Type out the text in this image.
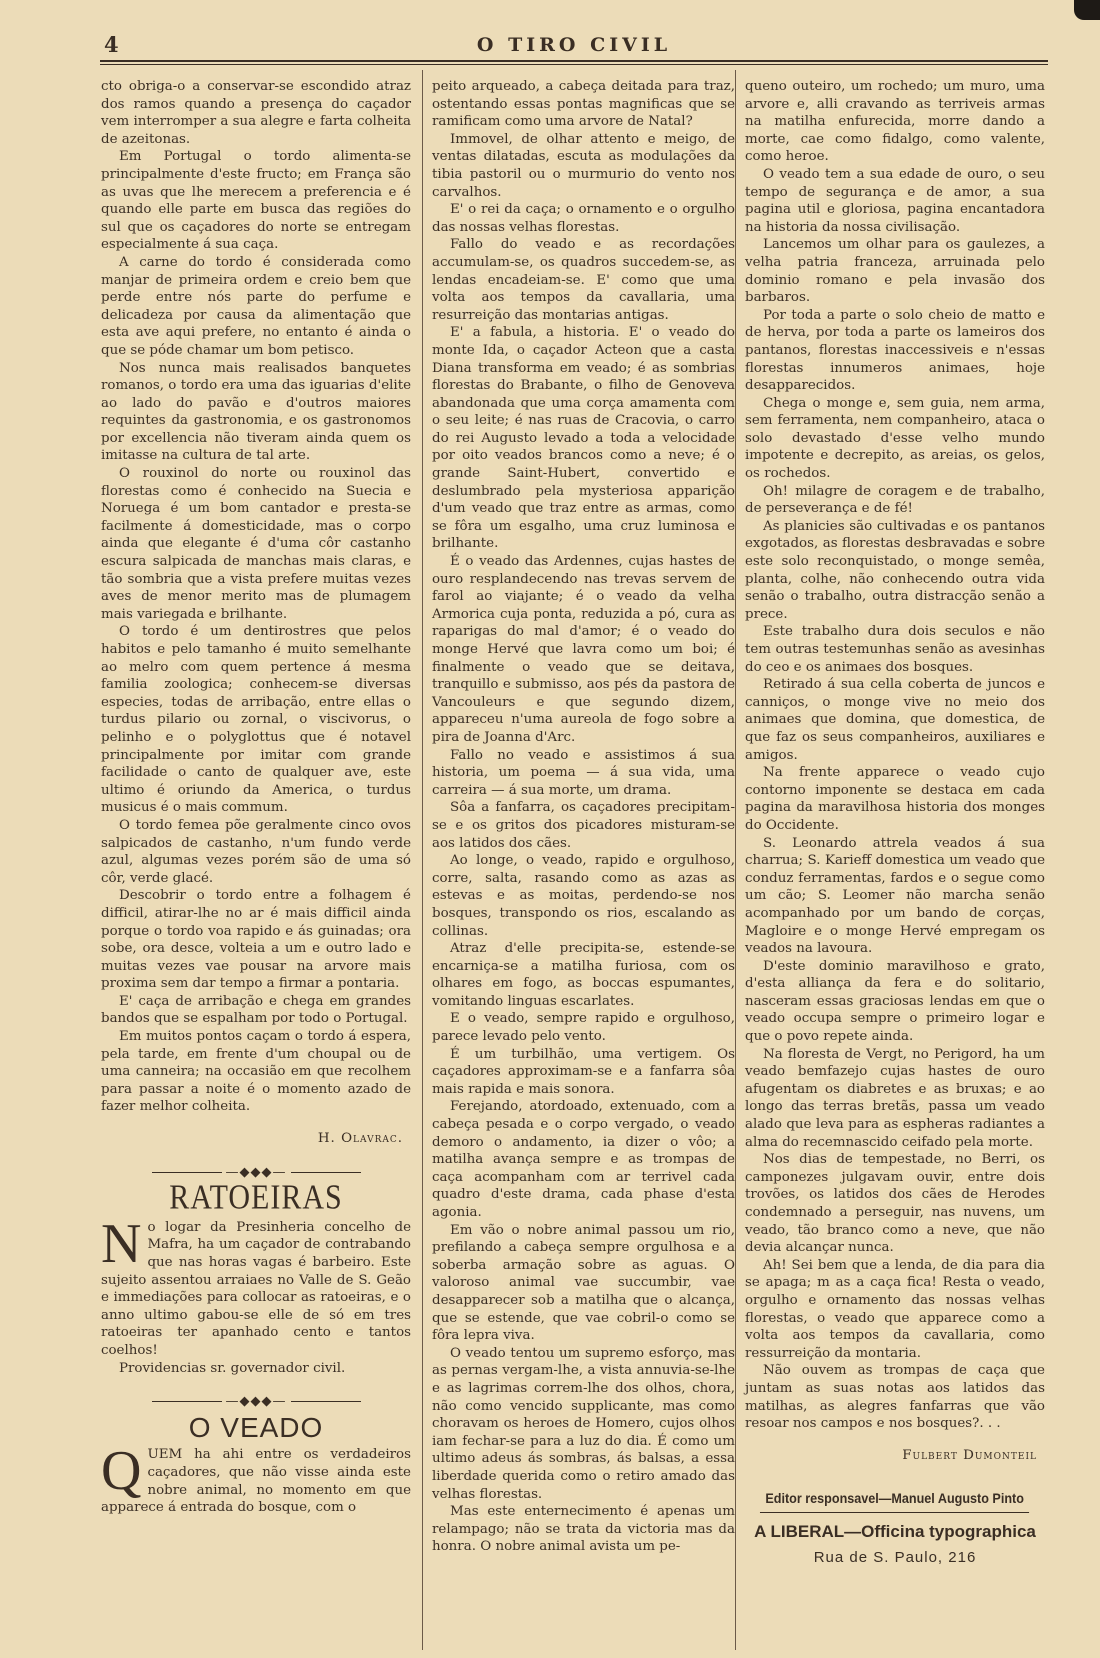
4	O TIRO CIVIL

cto obriga-o a conservar-se escondido atraz dos ramos quando a presença do caçador vem interromper a sua alegre e farta colheita de azeitonas.

Em Portugal o tordo alimenta-se principalmente d'este fructo; em França são as uvas que lhe merecem a preferencia e é quando elle parte em busca das regiões do sul que os caçadores do norte se entregam especialmente á sua caça.

A carne do tordo é considerada como manjar de primeira ordem e creio bem que perde entre nós parte do perfume e delicadeza por causa da alimentação que esta ave aqui prefere, no entanto é ainda o que se póde chamar um bom petisco.

Nos nunca mais realisados banquetes romanos, o tordo era uma das iguarias d'elite ao lado do pavão e d'outros maiores requintes da gastronomia, e os gastronomos por excellencia não tiveram ainda quem os imitasse na cultura de tal arte.

O rouxinol do norte ou rouxinol das florestas como é conhecido na Suecia e Noruega é um bom cantador e presta-se facilmente á domesticidade, mas o corpo ainda que elegante é d'uma côr castanho escura salpicada de manchas mais claras, e tão sombria que a vista prefere muitas vezes aves de menor merito mas de plumagem mais variegada e brilhante.

O tordo é um dentirostres que pelos habitos e pelo tamanho é muito semelhante ao melro com quem pertence á mesma familia zoologica; conhecem-se diversas especies, todas de arribação, entre ellas o turdus pilario ou zornal, o viscivorus, o pelinho e o polyglottus que é notavel principalmente por imitar com grande facilidade o canto de qualquer ave, este ultimo é oriundo da America, o turdus musicus é o mais commum.

O tordo femea põe geralmente cinco ovos salpicados de castanho, n'um fundo verde azul, algumas vezes porém são de uma só côr, verde glacé.

Descobrir o tordo entre a folhagem é difficil, atirar-lhe no ar é mais difficil ainda porque o tordo voa rapido e ás guinadas; ora sobe, ora desce, volteia a um e outro lado e muitas vezes vae pousar na arvore mais proxima sem dar tempo a firmar a pontaria.

E' caça de arribação e chega em grandes bandos que se espalham por todo o Portugal.

Em muitos pontos caçam o tordo á espera, pela tarde, em frente d'um choupal ou de uma canneira; na occasião em que recolhem para passar a noite é o momento azado de fazer melhor colheita.

H. Olavrac.

—◆◆◆—
RATOEIRAS

No logar da Presinheria concelho de Mafra, ha um caçador de contrabando que nas horas vagas é barbeiro. Este sujeito assentou arraiaes no Valle de S. Geão e immediações para collocar as ratoeiras, e o anno ultimo gabou-se elle de só em tres ratoeiras ter apanhado cento e tantos coelhos!

Providencias sr. governador civil.

—◆◆◆—
O VEADO

QUEM ha ahi entre os verdadeiros caçadores, que não visse ainda este nobre animal, no momento em que apparece á entrada do bosque, com o

peito arqueado, a cabeça deitada para traz, ostentando essas pontas magnificas que se ramificam como uma arvore de Natal?

Immovel, de olhar attento e meigo, de ventas dilatadas, escuta as modulações da tibia pastoril ou o murmurio do vento nos carvalhos.

E' o rei da caça; o ornamento e o orgulho das nossas velhas florestas.

Fallo do veado e as recordações accumulam-se, os quadros succedem-se, as lendas encadeiam-se. E' como que uma volta aos tempos da cavallaria, uma resurreição das montarias antigas.

E' a fabula, a historia. E' o veado do monte Ida, o caçador Acteon que a casta Diana transforma em veado; é as sombrias florestas do Brabante, o filho de Genoveva abandonada que uma corça amamenta com o seu leite; é nas ruas de Cracovia, o carro do rei Augusto levado a toda a velocidade por oito veados brancos como a neve; é o grande Saint-Hubert, convertido e deslumbrado pela mysteriosa apparição d'um veado que traz entre as armas, como se fôra um esgalho, uma cruz luminosa e brilhante.

É o veado das Ardennes, cujas hastes de ouro resplandecendo nas trevas servem de farol ao viajante; é o veado da velha Armorica cuja ponta, reduzida a pó, cura as raparigas do mal d'amor; é o veado do monge Hervé que lavra como um boi; é finalmente o veado que se deitava, tranquillo e submisso, aos pés da pastora de Vancouleurs e que segundo dizem, appareceu n'uma aureola de fogo sobre a pira de Joanna d'Arc.

Fallo no veado e assistimos á sua historia, um poema — á sua vida, uma carreira — á sua morte, um drama.

Sôa a fanfarra, os caçadores precipitam-se e os gritos dos picadores misturam-se aos latidos dos cães.

Ao longe, o veado, rapido e orgulhoso, corre, salta, rasando como as azas as estevas e as moitas, perdendo-se nos bosques, transpondo os rios, escalando as collinas.

Atraz d'elle precipita-se, estende-se encarniça-se a matilha furiosa, com os olhares em fogo, as boccas espumantes, vomitando linguas escarlates.

E o veado, sempre rapido e orgulhoso, parece levado pelo vento.

É um turbilhão, uma vertigem. Os caçadores approximam-se e a fanfarra sôa mais rapida e mais sonora.

Ferejando, atordoado, extenuado, com a cabeça pesada e o corpo vergado, o veado demoro o andamento, ia dizer o vôo; a matilha avança sempre e as trompas de caça acompanham com ar terrivel cada quadro d'este drama, cada phase d'esta agonia.

Em vão o nobre animal passou um rio, prefilando a cabeça sempre orgulhosa e a soberba armação sobre as aguas. O valoroso animal vae succumbir, vae desapparecer sob a matilha que o alcança, que se estende, que vae cobril-o como se fôra lepra viva.

O veado tentou um supremo esforço, mas as pernas vergam-lhe, a vista annuvia-se-lhe e as lagrimas correm-lhe dos olhos, chora, não como vencido supplicante, mas como choravam os heroes de Homero, cujos olhos iam fechar-se para a luz do dia. É como um ultimo adeus ás sombras, ás balsas, a essa liberdade querida como o retiro amado das velhas florestas.

Mas este enternecimento é apenas um relampago; não se trata da victoria mas da honra. O nobre animal avista um pe-

queno outeiro, um rochedo; um muro, uma arvore e, alli cravando as terriveis armas na matilha enfurecida, morre dando a morte, cae como fidalgo, como valente, como heroe.

O veado tem a sua edade de ouro, o seu tempo de segurança e de amor, a sua pagina util e gloriosa, pagina encantadora na historia da nossa civilisação.

Lancemos um olhar para os gaulezes, a velha patria franceza, arruinada pelo dominio romano e pela invasão dos barbaros.

Por toda a parte o solo cheio de matto e de herva, por toda a parte os lameiros dos pantanos, florestas inaccessiveis e n'essas florestas innumeros animaes, hoje desapparecidos.

Chega o monge e, sem guia, nem arma, sem ferramenta, nem companheiro, ataca o solo devastado d'esse velho mundo impotente e decrepito, as areias, os gelos, os rochedos.

Oh! milagre de coragem e de trabalho, de perseverança e de fé!

As planicies são cultivadas e os pantanos exgotados, as florestas desbravadas e sobre este solo reconquistado, o monge semêa, planta, colhe, não conhecendo outra vida senão o trabalho, outra distracção senão a prece.

Este trabalho dura dois seculos e não tem outras testemunhas senão as avesinhas do ceo e os animaes dos bosques.

Retirado á sua cella coberta de juncos e canniços, o monge vive no meio dos animaes que domina, que domestica, de que faz os seus companheiros, auxiliares e amigos.

Na frente apparece o veado cujo contorno imponente se destaca em cada pagina da maravilhosa historia dos monges do Occidente.

S. Leonardo attrela veados á sua charrua; S. Karieff domestica um veado que conduz ferramentas, fardos e o segue como um cão; S. Leomer não marcha senão acompanhado por um bando de corças, Magloire e o monge Hervé empregam os veados na lavoura.

D'este dominio maravilhoso e grato, d'esta alliança da fera e do solitario, nasceram essas graciosas lendas em que o veado occupa sempre o primeiro logar e que o povo repete ainda.

Na floresta de Vergt, no Perigord, ha um veado bemfazejo cujas hastes de ouro afugentam os diabretes e as bruxas; e ao longo das terras bretãs, passa um veado alado que leva para as espheras radiantes a alma do recemnascido ceifado pela morte.

Nos dias de tempestade, no Berri, os camponezes julgavam ouvir, entre dois trovões, os latidos dos cães de Herodes condemnado a perseguir, nas nuvens, um veado, tão branco como a neve, que não devia alcançar nunca.

Ah! Sei bem que a lenda, de dia para dia se apaga; m as a caça fica! Resta o veado, orgulho e ornamento das nossas velhas florestas, o veado que apparece como a volta aos tempos da cavallaria, como ressurreição da montaria.

Não ouvem as trompas de caça que juntam as suas notas aos latidos das matilhas, as alegres fanfarras que vão resoar nos campos e nos bosques?. . .

Fulbert Dumonteil

Editor responsavel—Manuel Augusto Pinto
A LIBERAL—Officina typographica
Rua de S. Paulo, 216
